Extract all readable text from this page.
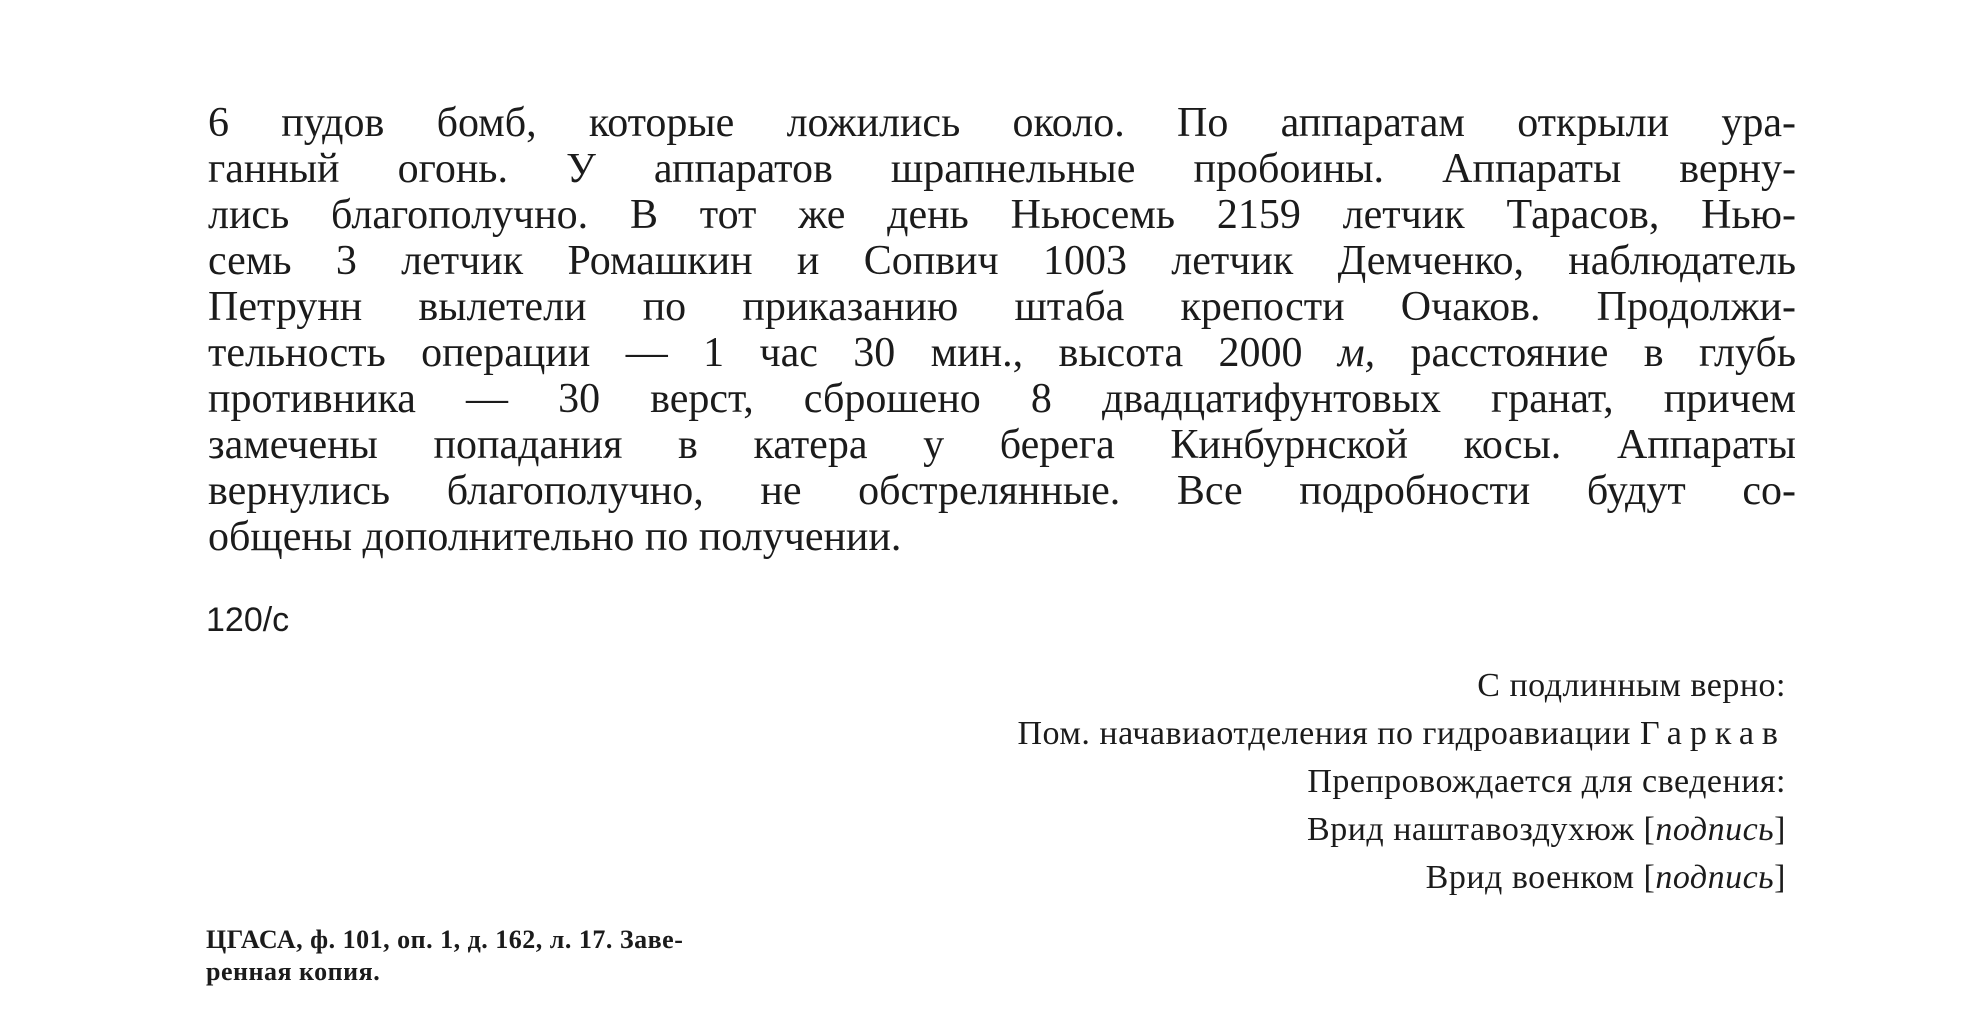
6 пудов бомб, которые ложились около. По аппаратам открыли ура-
ганный огонь. У аппаратов шрапнельные пробоины. Аппараты верну-
лись благополучно. В тот же день Ньюсемь 2159 летчик Тарасов, Нью-
семь 3 летчик Ромашкин и Сопвич 1003 летчик Демченко, наблюдатель
Петрунн вылетели по приказанию штаба крепости Очаков. Продолжи-
тельность операции — 1 час 30 мин., высота 2000 м, расстояние в глубь
противника — 30 верст, сброшено 8 двадцатифунтовых гранат, причем
замечены попадания в катера у берега Кинбурнской косы. Аппараты
вернулись благополучно, не обстрелянные. Все подробности будут со-
общены дополнительно по получении.
120/с
С подлинным верно:
Пом. начавиаотделения по гидроавиации Гаркав
Препровождается для сведения:
Врид наштавоздухюж [подпись]
Врид военком [подпись]
ЦГАСА, ф. 101, оп. 1, д. 162, л. 17. Заве-
ренная копия.
